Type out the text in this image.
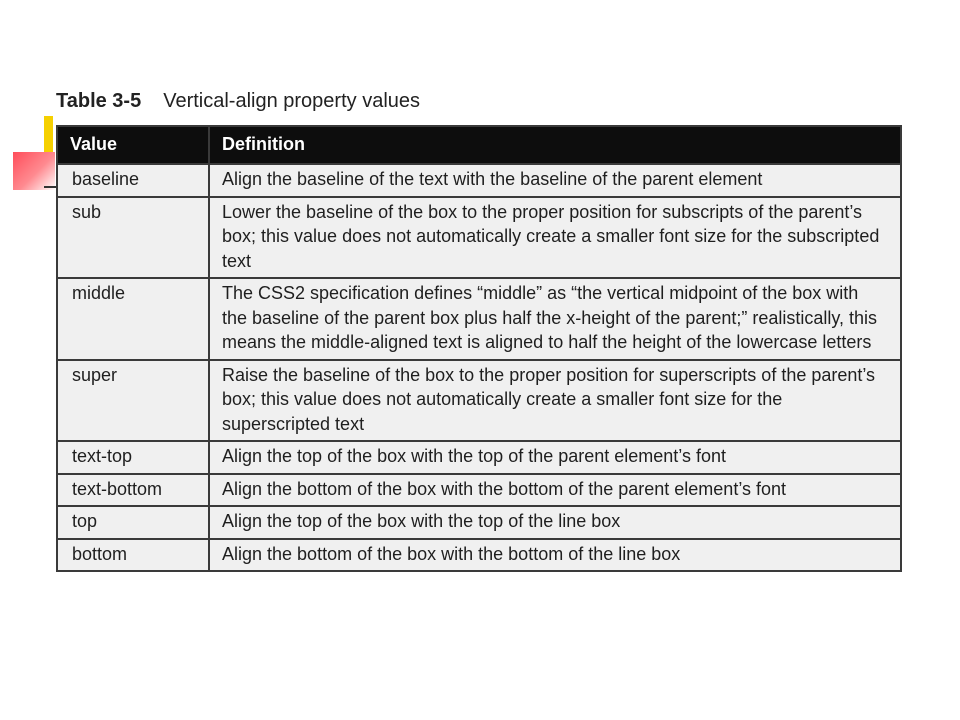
Table 3-5 Vertical-align property values
Value	Definition
baseline	Align the baseline of the text with the baseline of the parent element
sub	Lower the baseline of the box to the proper position for subscripts of the parent’s box; this value does not automatically create a smaller font size for the subscripted text
middle	The CSS2 specification defines “middle” as “the vertical midpoint of the box with the baseline of the parent box plus half the x-height of the parent;” realistically, this means the middle-aligned text is aligned to half the height of the lowercase letters
super	Raise the baseline of the box to the proper position for superscripts of the parent’s box; this value does not automatically create a smaller font size for the superscripted text
text-top	Align the top of the box with the top of the parent element’s font
text-bottom	Align the bottom of the box with the bottom of the parent element’s font
top	Align the top of the box with the top of the line box
bottom	Align the bottom of the box with the bottom of the line box
